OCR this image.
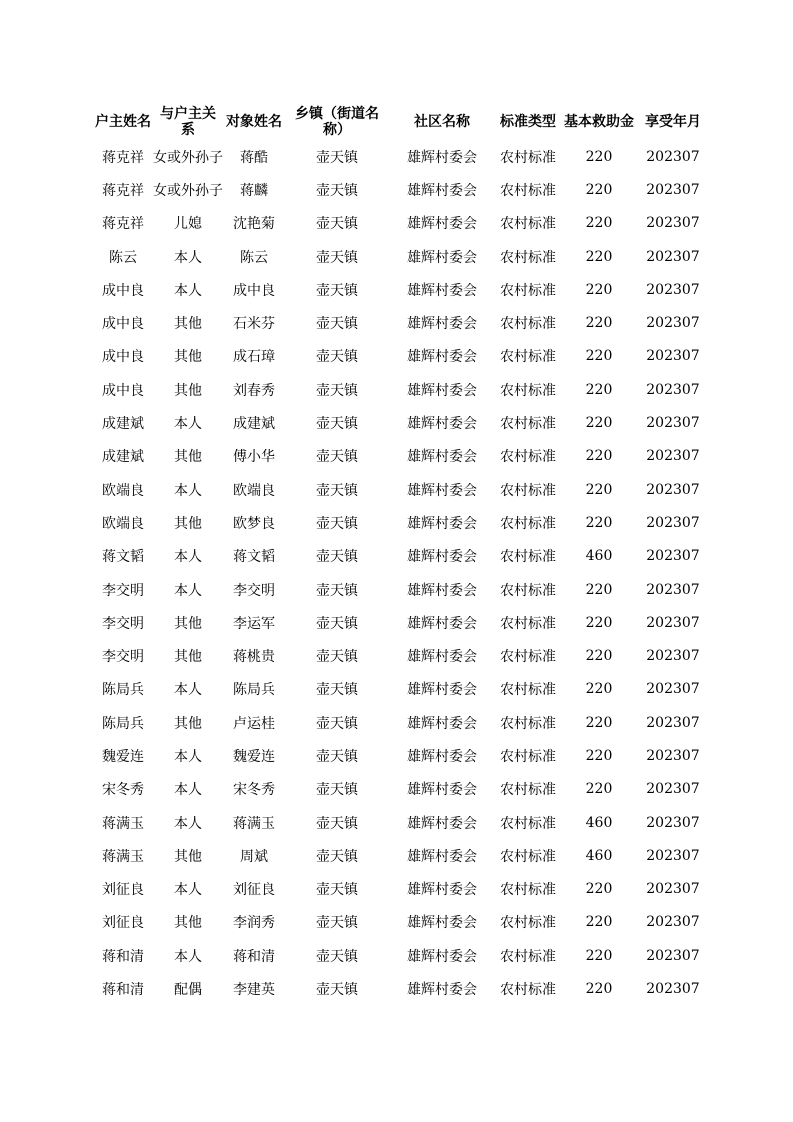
户主姓名	与户主关系	对象姓名	乡镇（街道名称）	社区名称	标准类型	基本救助金	享受年月
蒋克祥	女或外孙子	蒋酷	壶天镇	雄辉村委会	农村标准	220	202307
蒋克祥	女或外孙子	蒋麟	壶天镇	雄辉村委会	农村标准	220	202307
蒋克祥	儿媳	沈艳菊	壶天镇	雄辉村委会	农村标准	220	202307
陈云	本人	陈云	壶天镇	雄辉村委会	农村标准	220	202307
成中良	本人	成中良	壶天镇	雄辉村委会	农村标准	220	202307
成中良	其他	石米芬	壶天镇	雄辉村委会	农村标准	220	202307
成中良	其他	成石璋	壶天镇	雄辉村委会	农村标准	220	202307
成中良	其他	刘春秀	壶天镇	雄辉村委会	农村标准	220	202307
成建斌	本人	成建斌	壶天镇	雄辉村委会	农村标准	220	202307
成建斌	其他	傅小华	壶天镇	雄辉村委会	农村标准	220	202307
欧端良	本人	欧端良	壶天镇	雄辉村委会	农村标准	220	202307
欧端良	其他	欧梦良	壶天镇	雄辉村委会	农村标准	220	202307
蒋文韬	本人	蒋文韬	壶天镇	雄辉村委会	农村标准	460	202307
李交明	本人	李交明	壶天镇	雄辉村委会	农村标准	220	202307
李交明	其他	李运军	壶天镇	雄辉村委会	农村标准	220	202307
李交明	其他	蒋桃贵	壶天镇	雄辉村委会	农村标准	220	202307
陈局兵	本人	陈局兵	壶天镇	雄辉村委会	农村标准	220	202307
陈局兵	其他	卢运桂	壶天镇	雄辉村委会	农村标准	220	202307
魏爱连	本人	魏爱连	壶天镇	雄辉村委会	农村标准	220	202307
宋冬秀	本人	宋冬秀	壶天镇	雄辉村委会	农村标准	220	202307
蒋满玉	本人	蒋满玉	壶天镇	雄辉村委会	农村标准	460	202307
蒋满玉	其他	周斌	壶天镇	雄辉村委会	农村标准	460	202307
刘征良	本人	刘征良	壶天镇	雄辉村委会	农村标准	220	202307
刘征良	其他	李润秀	壶天镇	雄辉村委会	农村标准	220	202307
蒋和清	本人	蒋和清	壶天镇	雄辉村委会	农村标准	220	202307
蒋和清	配偶	李建英	壶天镇	雄辉村委会	农村标准	220	202307
